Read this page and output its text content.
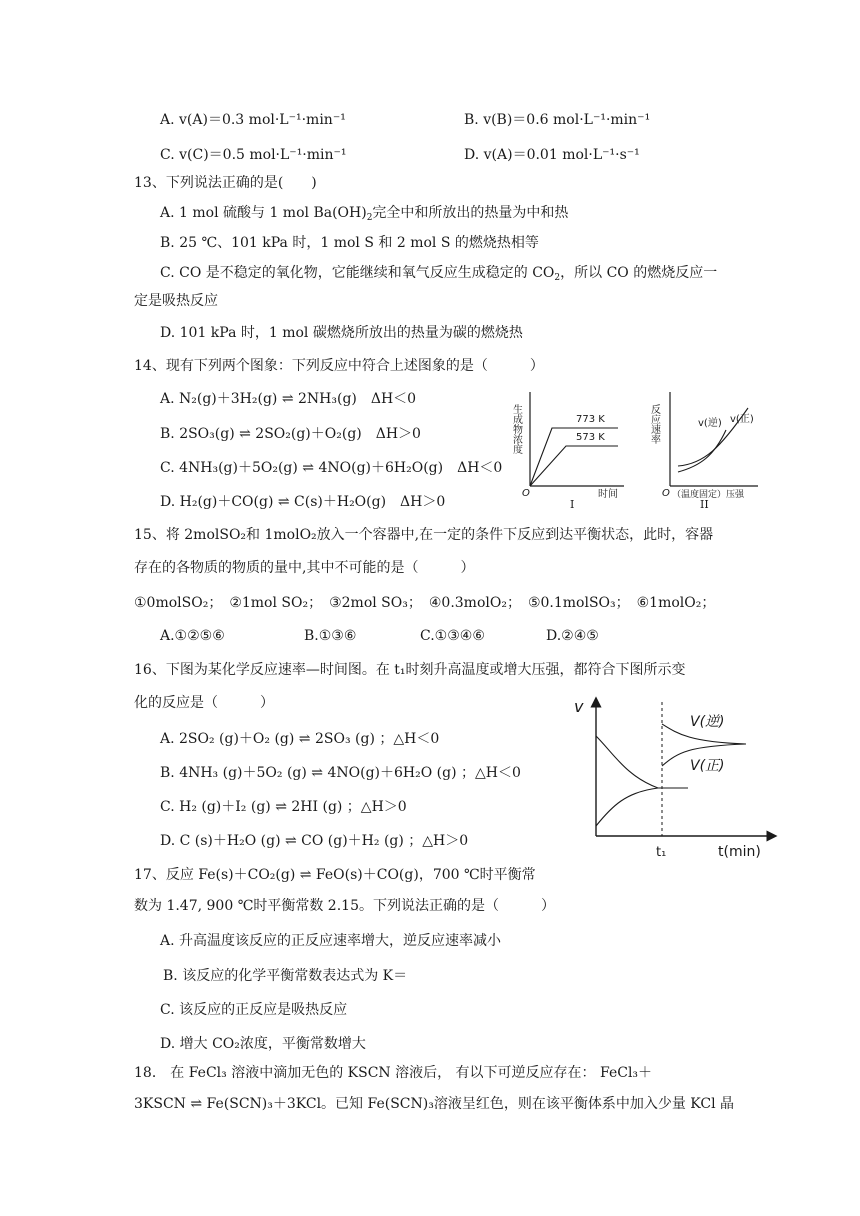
A. v(A)＝0.3 mol·L⁻¹·min⁻¹	B. v(B)＝0.6 mol·L⁻¹·min⁻¹
C. v(C)＝0.5 mol·L⁻¹·min⁻¹	D. v(A)＝0.01 mol·L⁻¹·s⁻¹
13、下列说法正确的是(　　)
A. 1 mol 硫酸与 1 mol $Ba(OH)_2$完全中和所放出的热量为中和热
B. 25 ℃、101 kPa 时，1 mol S 和 2 mol S 的燃烧热相等
C. CO 是不稳定的氧化物，它能继续和氧气反应生成稳定的 $CO_2$，所以 CO 的燃烧反应一
定是吸热反应
D. 101 kPa 时，1 mol 碳燃烧所放出的热量为碳的燃烧热
14、现有下列两个图象：下列反应中符合上述图象的是（　　　）
A. N₂(g)＋3H₂(g) ⇌ 2NH₃(g)　ΔH＜0
B. 2SO₃(g) ⇌ 2SO₂(g)＋O₂(g)　ΔH＞0
C. 4NH₃(g)＋5O₂(g) ⇌ 4NO(g)＋6H₂O(g)　ΔH＜0
D. H₂(g)＋CO(g) ⇌ C(s)＋H₂O(g)　ΔH＞0
生成物浓度	773 K
573 K
O	时间
I
反应速率	v(逆) v(正)
O （温度固定）压强
II
15、将 2molSO₂和 1molO₂放入一个容器中,在一定的条件下反应到达平衡状态，此时，容器
存在的各物质的物质的量中,其中不可能的是（　　　）
①0molSO₂；　②1mol SO₂；　③2mol SO₃；　④0.3molO₂；　⑤0.1molSO₃；　⑥1molO₂；
A.①②⑤⑥	B.①③⑥	C.①③④⑥	D.②④⑤
16、下图为某化学反应速率—时间图。在 t₁时刻升高温度或增大压强，都符合下图所示变
化的反应是（　　　）
A. 2SO₂ (g)＋O₂ (g) ⇌ 2SO₃ (g) ；△H＜0
B. 4NH₃ (g)＋5O₂ (g) ⇌ 4NO(g)＋6H₂O (g) ；△H＜0
C. H₂ (g)＋I₂ (g) ⇌ 2HI (g) ；△H＞0
D. C (s)＋H₂O (g) ⇌ CO (g)＋H₂ (g) ；△H＞0
v
V(逆)
V(正)
t₁	t(min)
17、反应 Fe(s)＋CO₂(g) ⇌ FeO(s)＋CO(g)，700 ℃时平衡常
数为 1.47, 900 ℃时平衡常数 2.15。下列说法正确的是（　　　）
A. 升高温度该反应的正反应速率增大，逆反应速率减小
B. 该反应的化学平衡常数表达式为 K＝
C. 该反应的正反应是吸热反应
D. 增大 CO₂浓度，平衡常数增大
18． 在 FeCl₃ 溶液中滴加无色的 KSCN 溶液后， 有以下可逆反应存在： FeCl₃＋
3KSCN ⇌ Fe(SCN)₃＋3KCl。已知 Fe(SCN)₃溶液呈红色，则在该平衡体系中加入少量 KCl 晶
